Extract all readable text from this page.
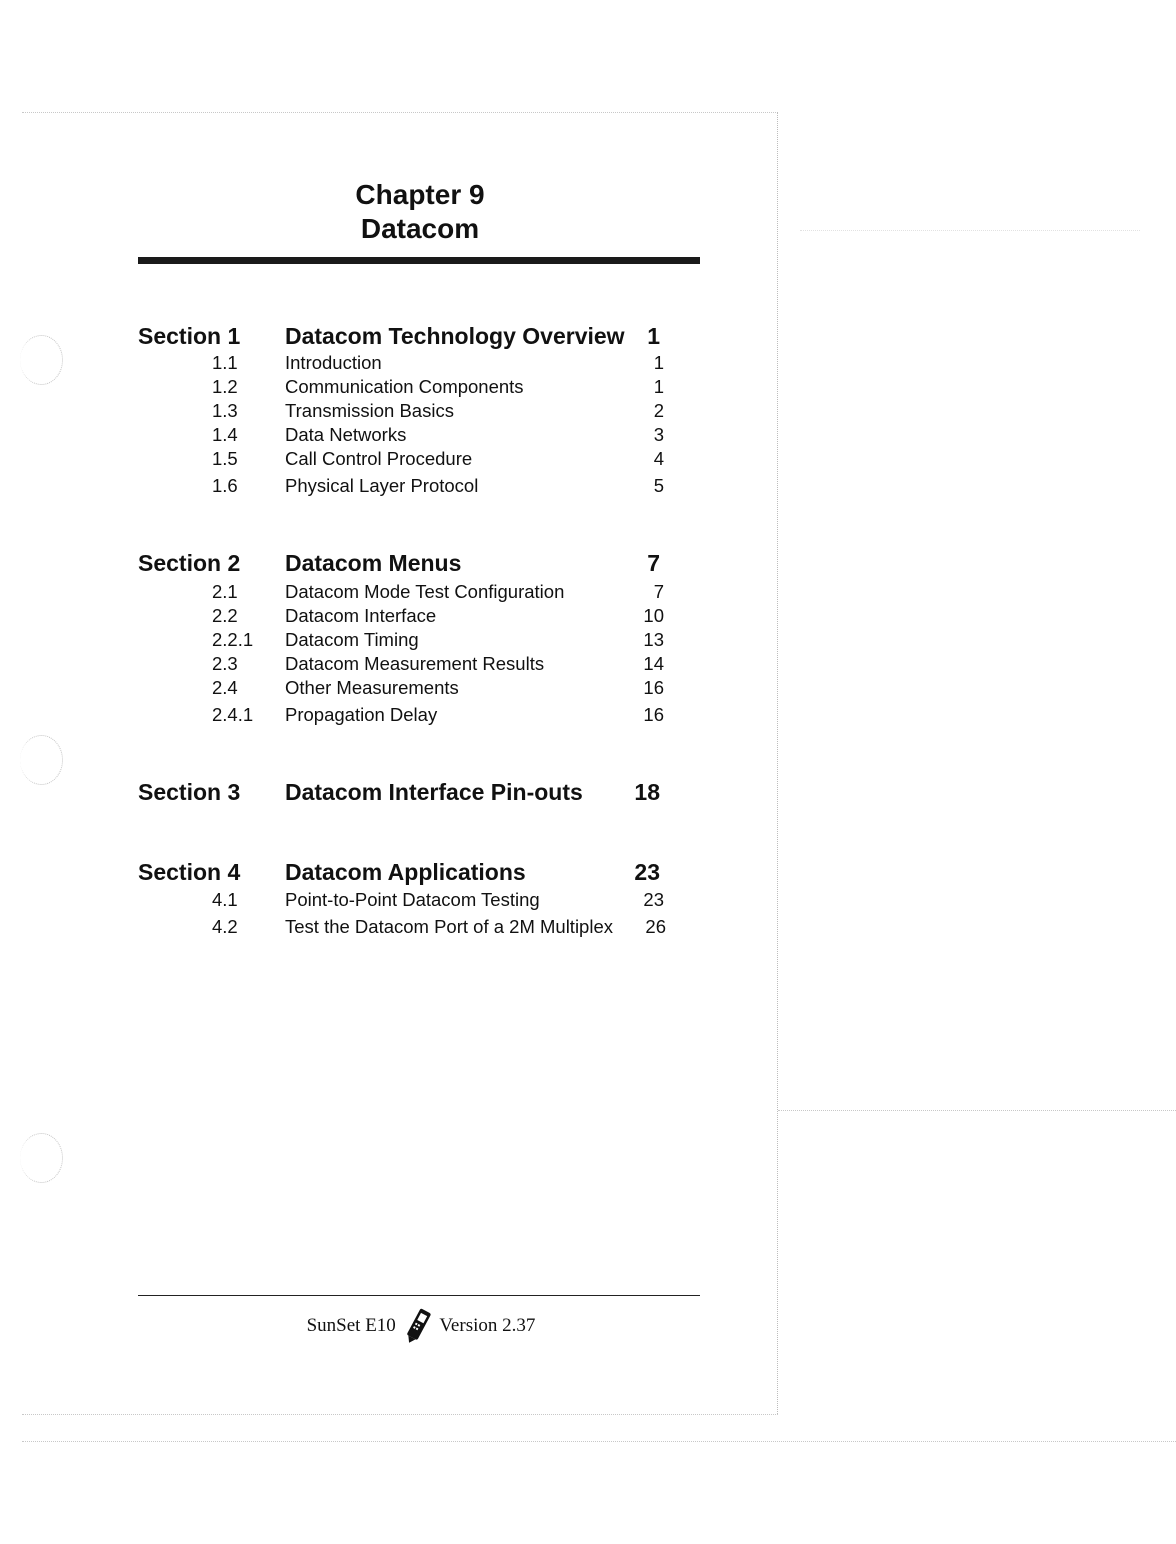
Chapter 9
Datacom
Section 1 Datacom Technology Overview 1
1.1	Introduction	1
1.2	Communication Components	1
1.3	Transmission Basics	2
1.4	Data Networks	3
1.5	Call Control Procedure	4
1.6	Physical Layer Protocol	5
Section 2 Datacom Menus	7
2.1	Datacom Mode Test Configuration	7
2.2	Datacom Interface	10
2.2.1 Datacom Timing	13
2.3	Datacom Measurement Results	14
2.4	Other Measurements	16
2.4.1 Propagation Delay	16
Section 3 Datacom Interface Pin-outs 18
Section 4 Datacom Applications	23
4.1	Point-to-Point Datacom Testing	23
4.2	Test the Datacom Port of a 2M Multiplex 26
SunSet E10 Version 2.37
